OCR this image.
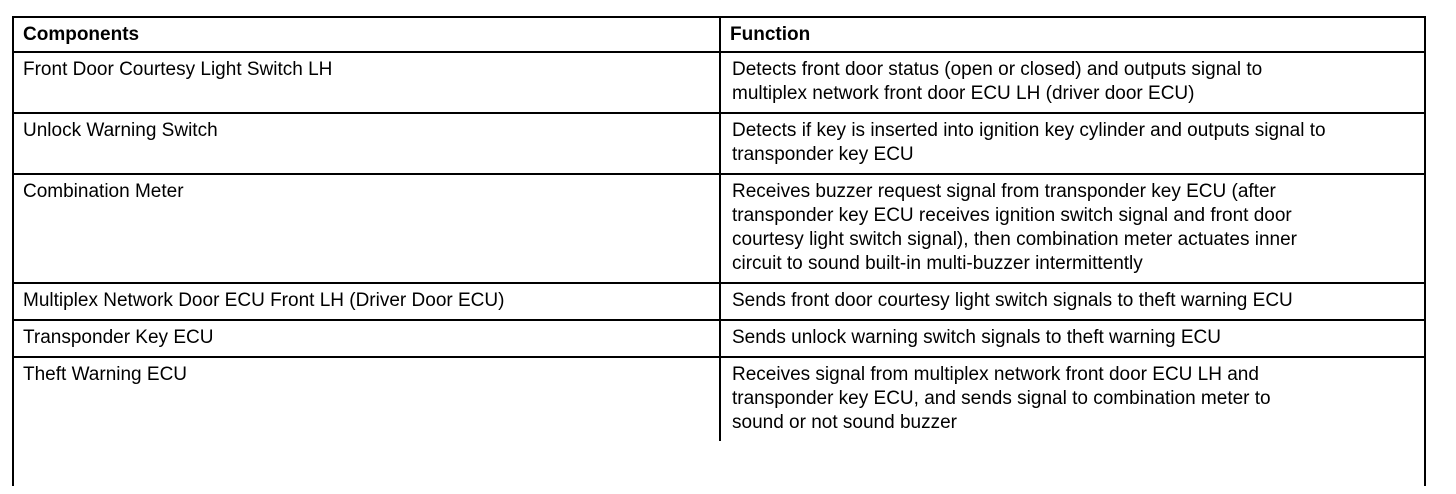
Components	Function
Front Door Courtesy Light Switch LH	Detects front door status (open or closed) and outputs signal to
multiplex network front door ECU LH (driver door ECU)

Unlock Warning Switch	Detects if key is inserted into ignition key cylinder and outputs signal to
transponder key ECU

Combination Meter	Receives buzzer request signal from transponder key ECU (after
transponder key ECU receives ignition switch signal and front door
courtesy light switch signal), then combination meter actuates inner
circuit to sound built-in multi-buzzer intermittently

Multiplex Network Door ECU Front LH (Driver Door ECU)	Sends front door courtesy light switch signals to theft warning ECU

Transponder Key ECU	Sends unlock warning switch signals to theft warning ECU

Theft Warning ECU	Receives signal from multiplex network front door ECU LH and
transponder key ECU, and sends signal to combination meter to
sound or not sound buzzer
